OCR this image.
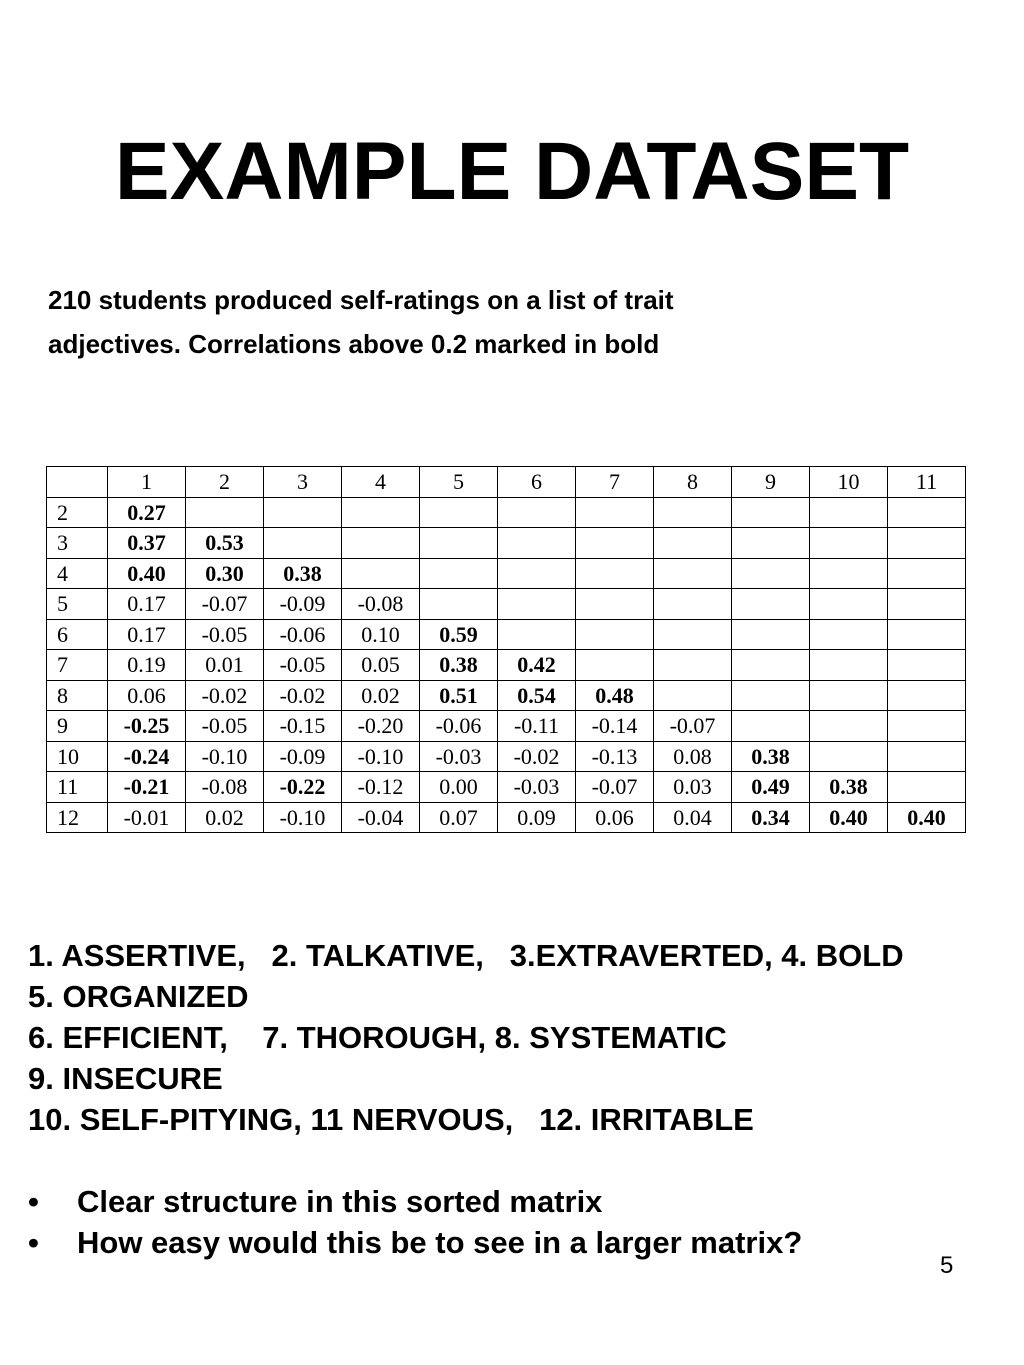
EXAMPLE DATASET
210 students produced self-ratings on a list of trait
adjectives. Correlations above 0.2 marked in bold
	1	2	3	4	5	6	7	8	9	10	11
2	0.27										
3	0.37	0.53									
4	0.40	0.30	0.38								
5	0.17	-0.07	-0.09	-0.08							
6	0.17	-0.05	-0.06	0.10	0.59						
7	0.19	0.01	-0.05	0.05	0.38	0.42					
8	0.06	-0.02	-0.02	0.02	0.51	0.54	0.48				
9	-0.25	-0.05	-0.15	-0.20	-0.06	-0.11	-0.14	-0.07			
10	-0.24	-0.10	-0.09	-0.10	-0.03	-0.02	-0.13	0.08	0.38		
11	-0.21	-0.08	-0.22	-0.12	0.00	-0.03	-0.07	0.03	0.49	0.38	
12	-0.01	0.02	-0.10	-0.04	0.07	0.09	0.06	0.04	0.34	0.40	0.40
1. ASSERTIVE,   2. TALKATIVE,   3.EXTRAVERTED, 4. BOLD
5. ORGANIZED
6. EFFICIENT,    7. THOROUGH, 8. SYSTEMATIC
9. INSECURE
10. SELF-PITYING, 11 NERVOUS,   12. IRRITABLE
•	Clear structure in this sorted matrix
•	How easy would this be to see in a larger matrix?
5
